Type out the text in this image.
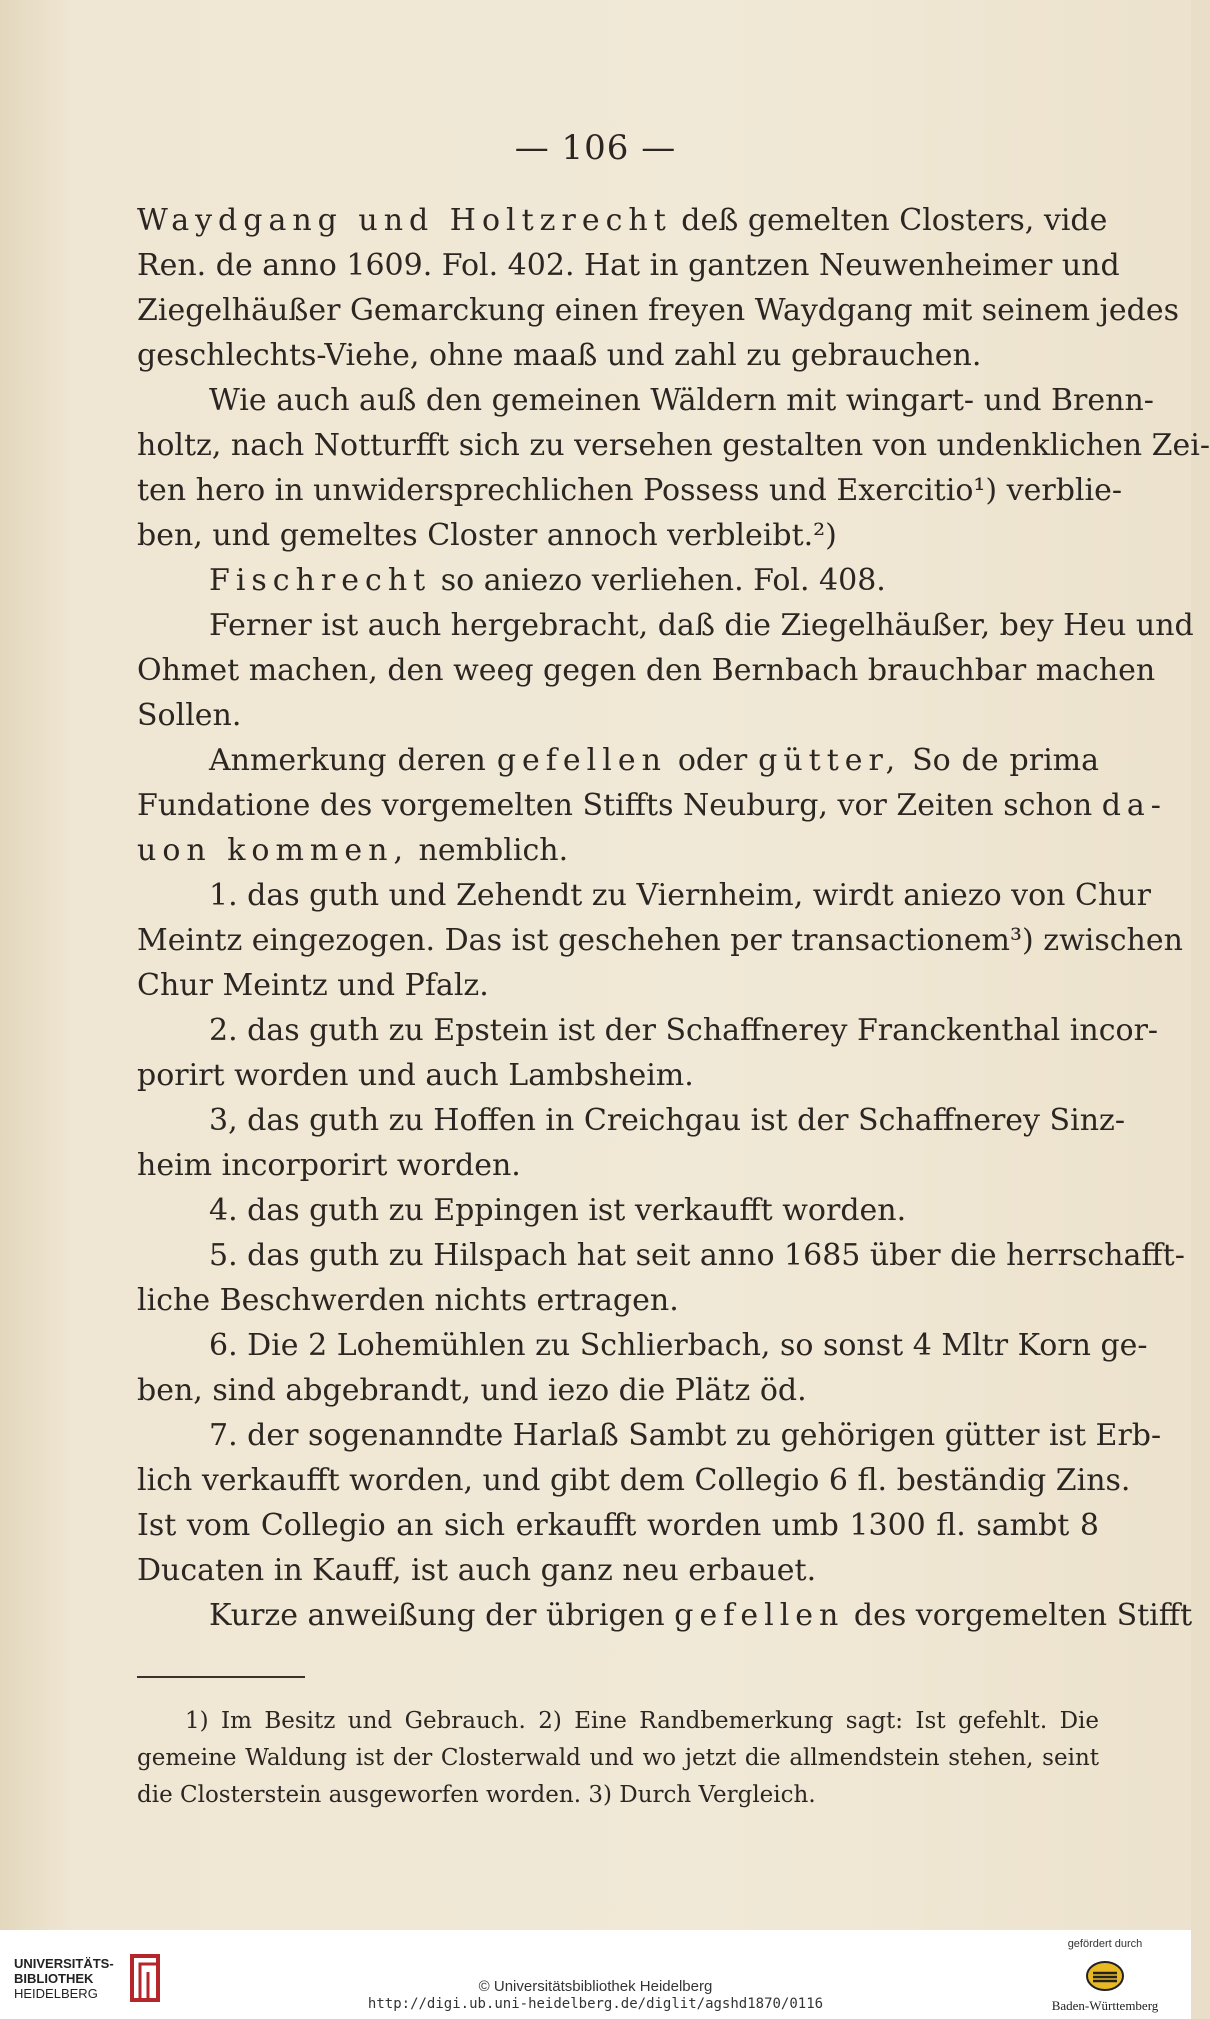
— 106 —
Waydgang und Holtzrecht deß gemelten Closters, vide
Ren. de anno 1609. Fol. 402. Hat in gantzen Neuwenheimer und
Ziegelhäußer Gemarckung einen freyen Waydgang mit seinem jedes
geschlechts-Viehe, ohne maaß und zahl zu gebrauchen.
Wie auch auß den gemeinen Wäldern mit wingart- und Brenn-
holtz, nach Notturfft sich zu versehen gestalten von undenklichen Zei-
ten hero in unwidersprechlichen Possess und Exercitio¹) verblie-
ben, und gemeltes Closter annoch verbleibt.²)
Fischrecht so aniezo verliehen. Fol. 408.
Ferner ist auch hergebracht, daß die Ziegelhäußer, bey Heu und
Ohmet machen, den weeg gegen den Bernbach brauchbar machen
Sollen.
Anmerkung deren gefellen oder gütter, So de prima
Fundatione des vorgemelten Stiffts Neuburg, vor Zeiten schon da-
uon kommen, nemblich.
1. das guth und Zehendt zu Viernheim, wirdt aniezo von Chur
Meintz eingezogen. Das ist geschehen per transactionem³) zwischen
Chur Meintz und Pfalz.
2. das guth zu Epstein ist der Schaffnerey Franckenthal incor-
porirt worden und auch Lambsheim.
3, das guth zu Hoffen in Creichgau ist der Schaffnerey Sinz-
heim incorporirt worden.
4. das guth zu Eppingen ist verkaufft worden.
5. das guth zu Hilspach hat seit anno 1685 über die herrschafft-
liche Beschwerden nichts ertragen.
6. Die 2 Lohemühlen zu Schlierbach, so sonst 4 Mltr Korn ge-
ben, sind abgebrandt, und iezo die Plätz öd.
7. der sogenanndte Harlaß Sambt zu gehörigen gütter ist Erb-
lich verkaufft worden, und gibt dem Collegio 6 fl. beständig Zins.
Ist vom Collegio an sich erkaufft worden umb 1300 fl. sambt 8
Ducaten in Kauff, ist auch ganz neu erbauet.
Kurze anweißung der übrigen gefellen des vorgemelten Stifft
1) Im Besitz und Gebrauch. 2) Eine Randbemerkung sagt: Ist gefehlt. Die
gemeine Waldung ist der Closterwald und wo jetzt die allmendstein stehen, seint
die Closterstein ausgeworfen worden. 3) Durch Vergleich.
UNIVERSITÄTS-
BIBLIOTHEK
HEIDELBERG	© Universitätsbibliothek Heidelberg
http://digi.ub.uni-heidelberg.de/diglit/agshd1870/0116
gefördert durch
Baden-Württemberg
